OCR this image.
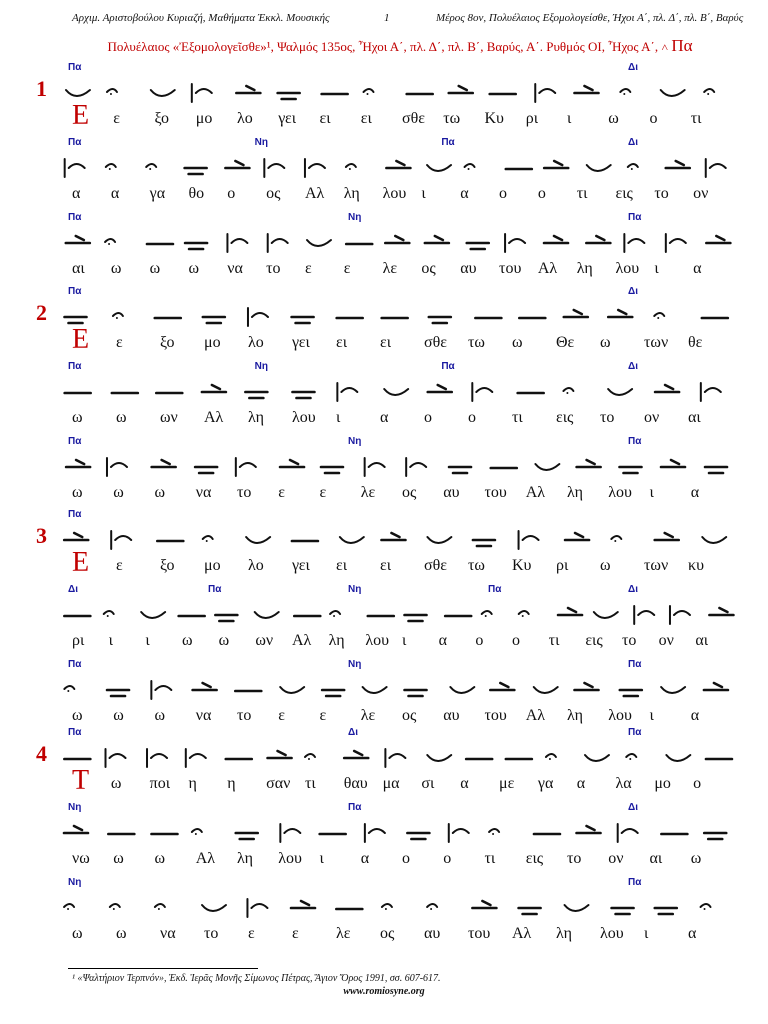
Αρχιμ. Αριστοβούλου Κυριαζή, Μαθήματα Έκκλ. Μουσικής	1	Μέρος 8ον, Πολυέλαιος Εξομολογείσθε, Ήχοι Α΄, πλ. Δ΄, πλ. Β΄, Βαρύς
Πολυέλαιος «Ἐξομολογεῖσθε»¹, Ψαλμός 135ος, Ἦχοι Α΄, πλ. Δ΄, πλ. Β΄, Βαρύς, Α΄. Ρυθμός ΟΙ, Ἦχος Α΄, ˄ Πα
1
Πα	Δι
Ε ε ξο μο λο γει ει ει σθε τω Κυ ρι ι ω ο τι
Πα	Νη	Πα	Δι
α α γα θο ο ος Αλ λη λου ι α ο ο τι εις το ον
Πα	Νη	Πα
αι ω ω ω να το ε ε λε ος αυ του Αλ λη λου ι α
2
Πα	Δι
Ε ε ξο μο λο γει ει ει σθε τω ω Θε ω των θε
Πα	Νη	Πα	Δι
ω ω ων Αλ λη λου ι α ο ο τι εις το ον αι
Πα	Νη	Πα
ω ω ω να το ε ε λε ος αυ του Αλ λη λου ι α
3
Πα
Ε ε ξο μο λο γει ει ει σθε τω Κυ ρι ω των κυ
Δι	Πα	Νη	Πα	Δι
ρι ι ι ω ω ων Αλ λη λου ι α ο ο τι εις το ον αι
Πα	Νη	Πα
ω ω ω να το ε ε λε ος αυ του Αλ λη λου ι α
4
Πα	Δι	Πα
Τ ω ποι η η σαν τι θαυ μα σι α με γα α λα μο ο
Νη	Πα	Δι
νω ω ω Αλ λη λου ι α ο ο τι εις το ον αι ω
Νη	Πα
ω ω να το ε ε λε ος αυ του Αλ λη λου ι α
¹ «Ψαλτήριον Τερπνόν», Έκδ. Ἱερᾶς Μονῆς Σίμωνος Πέτρας, Ἅγιον Ὄρος 1991, σσ. 607-617.
www.romiosyne.org
